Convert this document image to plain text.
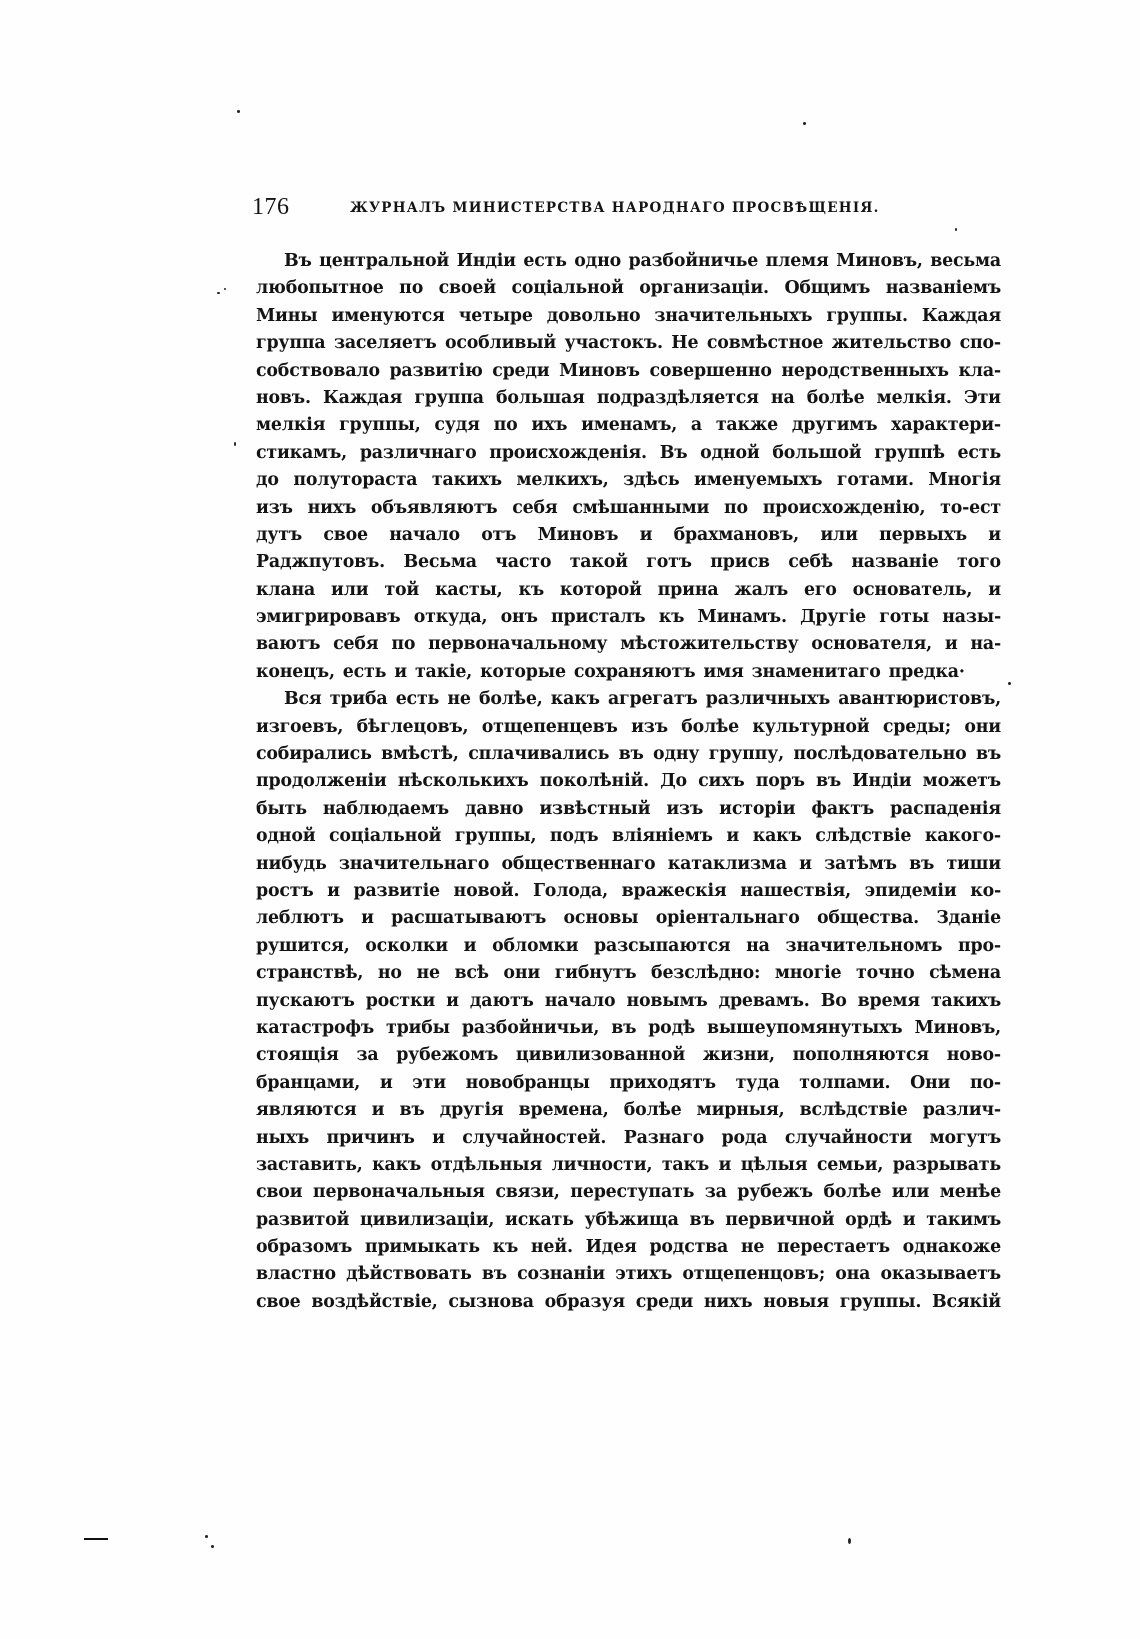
176	ЖУРНАЛЪ МИНИСТЕРСТВА НАРОДНАГО ПРОСВѢЩЕНІЯ.
Въ центральной Индіи есть одно разбойничье племя Миновъ, весьма
любопытное по своей соціальной организаціи. Общимъ названіемъ
Мины именуются четыре довольно значительныхъ группы. Каждая
группа заселяетъ особливый участокъ. Не совмѣстное жительство спо-
собствовало развитію среди Миновъ совершенно неродственныхъ кла-
новъ. Каждая группа большая подраздѣляется на болѣе мелкія. Эти
мелкія группы, судя по ихъ именамъ, а также другимъ характери-
стикамъ, различнаго происхожденія. Въ одной большой группѣ есть
до полутораста такихъ мелкихъ, здѣсь именуемыхъ готами. Многія
изъ нихъ объявляютъ себя смѣшанными по происхожденію, то-ест
дутъ свое начало отъ Миновъ и брахмановъ, или первыхъ и
Раджпутовъ. Весьма часто такой готъ присв себѣ названіе того
клана или той касты, къ которой прина жалъ его основатель, и
эмигрировавъ откуда, онъ присталъ къ Минамъ. Другіе готы назы-
ваютъ себя по первоначальному мѣстожительству основателя, и на-
конецъ, есть и такіе, которые сохраняютъ имя знаменитаго предка·
Вся триба есть не болѣе, какъ агрегатъ различныхъ авантюристовъ,
изгоевъ, бѣглецовъ, отщепенцевъ изъ болѣе культурной среды; они
собирались вмѣстѣ, сплачивались въ одну группу, послѣдовательно въ
продолженіи нѣсколькихъ поколѣній. До сихъ поръ въ Индіи можетъ
быть наблюдаемъ давно извѣстный изъ исторіи фактъ распаденія
одной соціальной группы, подъ вліяніемъ и какъ слѣдствіе какого-
нибудь значительнаго общественнаго катаклизма и затѣмъ въ тиши
ростъ и развитіе новой. Голода, вражескія нашествія, эпидеміи ко-
леблютъ и расшатываютъ основы оріентальнаго общества. Зданіе
рушится, осколки и обломки разсыпаются на значительномъ про-
странствѣ, но не всѣ они гибнутъ безслѣдно: многіе точно сѣмена
пускаютъ ростки и даютъ начало новымъ древамъ. Во время такихъ
катастрофъ трибы разбойничьи, въ родѣ вышеупомянутыхъ Миновъ,
стоящія за рубежомъ цивилизованной жизни, пополняются ново-
бранцами, и эти новобранцы приходятъ туда толпами. Они по-
являются и въ другія времена, болѣе мирныя, вслѣдствіе различ-
ныхъ причинъ и случайностей. Разнаго рода случайности могутъ
заставить, какъ отдѣльныя личности, такъ и цѣлыя семьи, разрывать
свои первоначальныя связи, переступать за рубежъ болѣе или менѣе
развитой цивилизаціи, искать убѣжища въ первичной ордѣ и такимъ
образомъ примыкать къ ней. Идея родства не перестаетъ однакоже
властно дѣйствовать въ сознаніи этихъ отщепенцовъ; она оказываетъ
свое воздѣйствіе, сызнова образуя среди нихъ новыя группы. Всякій
